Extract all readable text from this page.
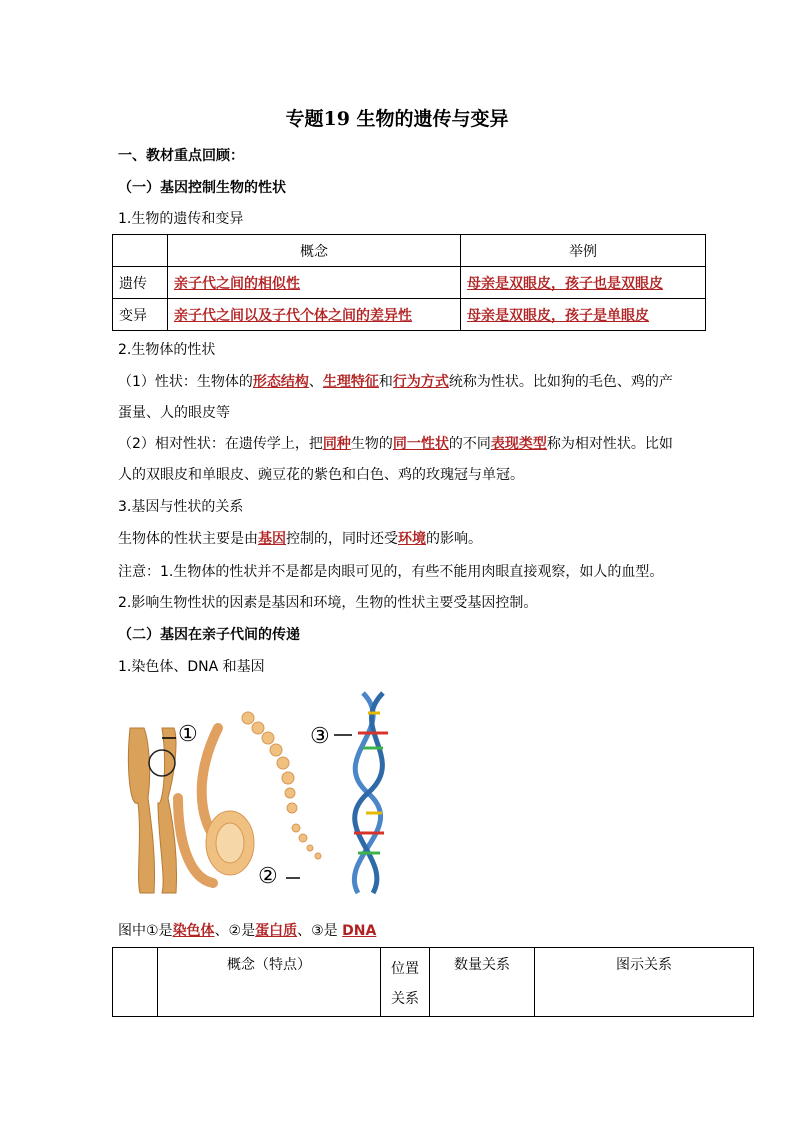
专题19 生物的遗传与变异
一、教材重点回顾：
（一）基因控制生物的性状
1.生物的遗传和变异
	概念	举例
遗传	亲子代之间的相似性	母亲是双眼皮，孩子也是双眼皮
变异	亲子代之间以及子代个体之间的差异性	母亲是双眼皮，孩子是单眼皮
2.生物体的性状
（1）性状：生物体的形态结构、生理特征和行为方式统称为性状。比如狗的毛色、鸡的产
蛋量、人的眼皮等
（2）相对性状：在遗传学上，把同种生物的同一性状的不同表现类型称为相对性状。比如
人的双眼皮和单眼皮、豌豆花的紫色和白色、鸡的玫瑰冠与单冠。
3.基因与性状的关系
生物体的性状主要是由基因控制的，同时还受环境的影响。
注意：1.生物体的性状并不是都是肉眼可见的，有些不能用肉眼直接观察，如人的血型。
2.影响生物性状的因素是基因和环境，生物的性状主要受基因控制。
（二）基因在亲子代间的传递
1.染色体、DNA 和基因
①
②
③
图中①是染色体、②是蛋白质、③是 DNA
	概念（特点）	位置关系	数量关系	图示关系
